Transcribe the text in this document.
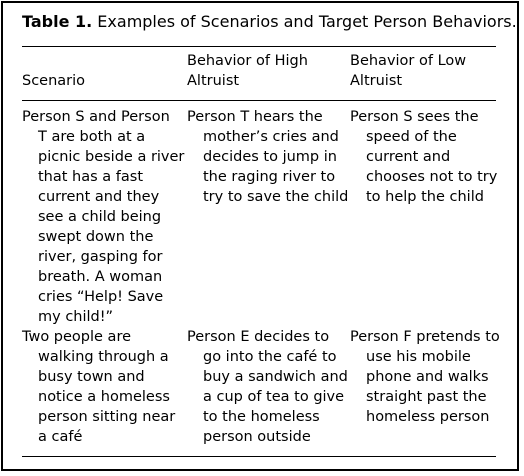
Table 1. Examples of Scenarios and Target Person Behaviors.
Scenario
Behavior of High
Altruist
Behavior of Low
Altruist
Person S and Person
T are both at a
picnic beside a river
that has a fast
current and they
see a child being
swept down the
river, gasping for
breath. A woman
cries “Help! Save
my child!”
Person T hears the
mother’s cries and
decides to jump in
the raging river to
try to save the child
Person S sees the
speed of the
current and
chooses not to try
to help the child
Two people are
walking through a
busy town and
notice a homeless
person sitting near
a café
Person E decides to
go into the café to
buy a sandwich and
a cup of tea to give
to the homeless
person outside
Person F pretends to
use his mobile
phone and walks
straight past the
homeless person
